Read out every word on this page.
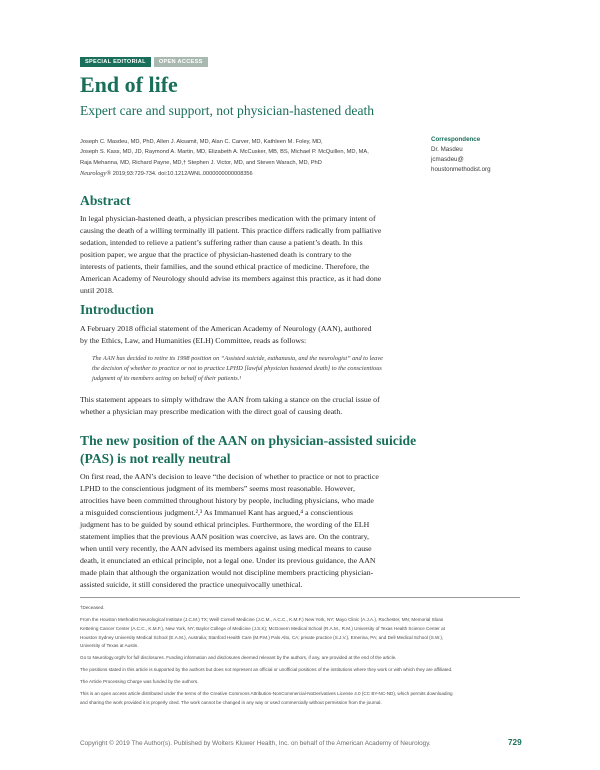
SPECIAL EDITORIAL	OPEN ACCESS
End of life
Expert care and support, not physician-hastened death
Joseph C. Masdeu, MD, PhD, Allen J. Aksamit, MD, Alan C. Carver, MD, Kathleen M. Foley, MD,
Joseph S. Kass, MD, JD, Raymond A. Martin, MD, Elizabeth A. McCusker, MB, BS, Michael P. McQuillen, MD, MA,
Raja Mehanna, MD, Richard Payne, MD,† Stephen J. Victor, MD, and Steven Warach, MD, PhD
Neurology® 2019;93:729-734. doi:10.1212/WNL.0000000000008356
Correspondence
Dr. Masdeu
jcmasdeu@
houstonmethodist.org
Abstract
In legal physician-hastened death, a physician prescribes medication with the primary intent of
causing the death of a willing terminally ill patient. This practice differs radically from palliative
sedation, intended to relieve a patient’s suffering rather than cause a patient’s death. In this
position paper, we argue that the practice of physician-hastened death is contrary to the
interests of patients, their families, and the sound ethical practice of medicine. Therefore, the
American Academy of Neurology should advise its members against this practice, as it had done
until 2018.
Introduction
A February 2018 official statement of the American Academy of Neurology (AAN), authored
by the Ethics, Law, and Humanities (ELH) Committee, reads as follows:
The AAN has decided to retire its 1998 position on “Assisted suicide, euthanasia, and the neurologist” and to leave
the decision of whether to practice or not to practice LPHD [lawful physician hastened death] to the conscientious
judgment of its members acting on behalf of their patients.¹
This statement appears to simply withdraw the AAN from taking a stance on the crucial issue of
whether a physician may prescribe medication with the direct goal of causing death.
The new position of the AAN on physician-assisted suicide
(PAS) is not really neutral
On first read, the AAN’s decision to leave “the decision of whether to practice or not to practice
LPHD to the conscientious judgment of its members” seems most reasonable. However,
atrocities have been committed throughout history by people, including physicians, who made
a misguided conscientious judgment.²,³ As Immanuel Kant has argued,⁴ a conscientious
judgment has to be guided by sound ethical principles. Furthermore, the wording of the ELH
statement implies that the previous AAN position was coercive, as laws are. On the contrary,
when until very recently, the AAN advised its members against using medical means to cause
death, it enunciated an ethical principle, not a legal one. Under its previous guidance, the AAN
made plain that although the organization would not discipline members practicing physician-
assisted suicide, it still considered the practice unequivocally unethical.
†Deceased.
From the Houston Methodist Neurological Institute (J.C.M.) TX; Weill Cornell Medicine (J.C.M., A.C.C., K.M.F.) New York, NY; Mayo Clinic (A.J.A.), Rochester, MN; Memorial Sloan
Kettering Cancer Center (A.C.C., K.M.F.), New York, NY; Baylor College of Medicine (J.S.K); McGovern Medical School (R.A.M., R.M.) University of Texas Health Science Center at
Houston Sydney University Medical School (E.A.M.), Australia; Stanford Health Care (M.P.M.) Palo Alto, CA; private practice (S.J.V.), Emerina, PA; and Dell Medical School (S.W.),
University of Texas at Austin.
Go to Neurology.org/N for full disclosures. Funding information and disclosures deemed relevant by the authors, if any, are provided at the end of the article.
The positions stated in this article is supported by the authors but does not represent an official or unofficial positions of the institutions where they work or with which they are affiliated.
The Article Processing Charge was funded by the authors.
This is an open access article distributed under the terms of the Creative Commons Attribution-NonCommercial-NoDerivatives License 4.0 (CC BY-NC-ND), which permits downloading
and sharing the work provided it is properly cited. The work cannot be changed in any way or used commercially without permission from the journal.
Copyright © 2019 The Author(s). Published by Wolters Kluwer Health, Inc. on behalf of the American Academy of Neurology.	729
